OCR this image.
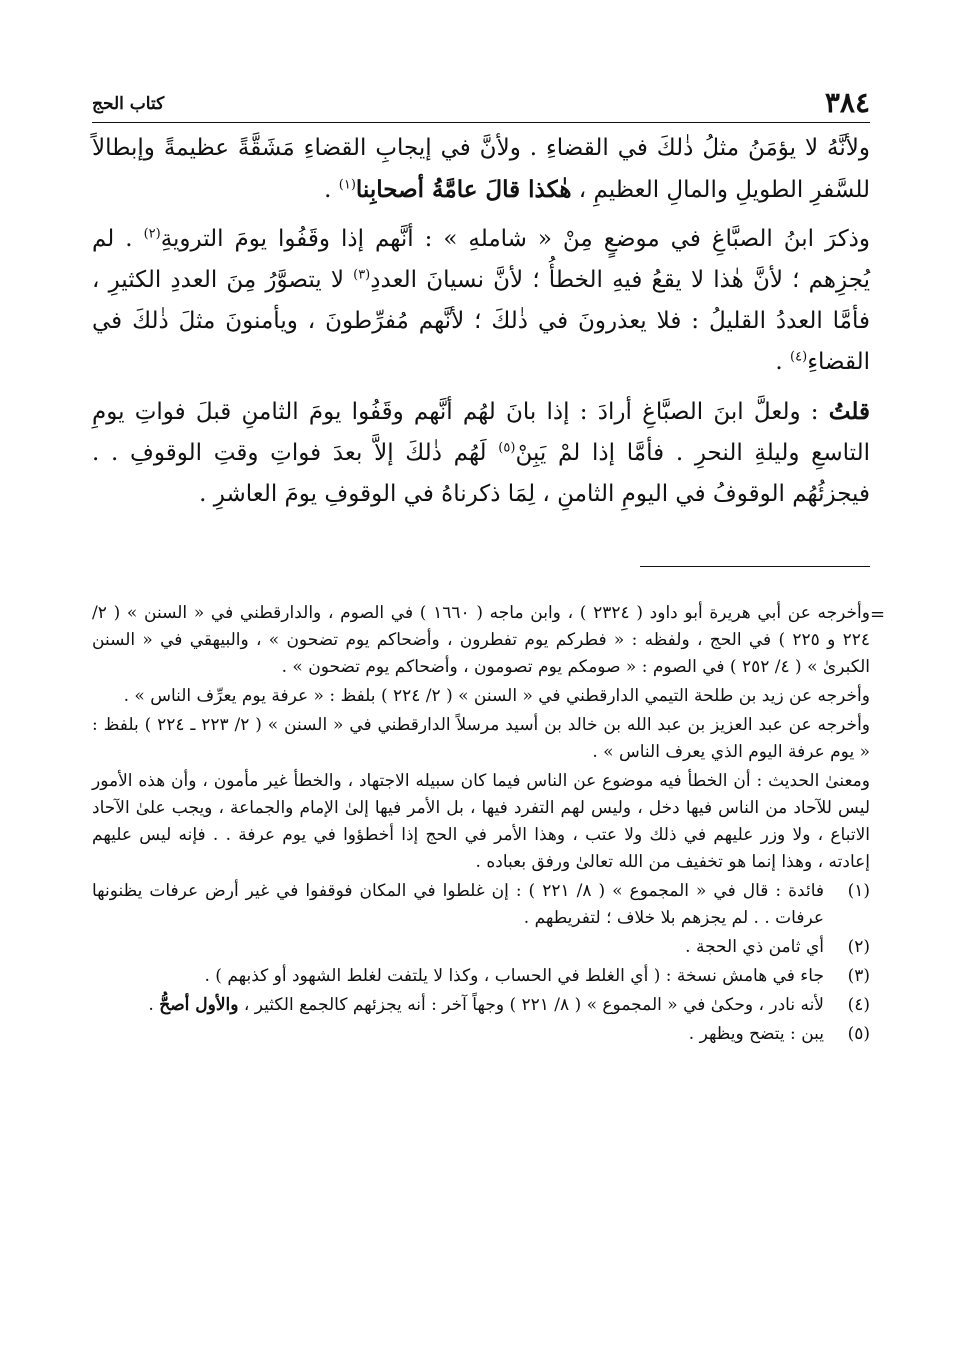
٣٨٤
كتاب الحج

ولأنَّهُ لا يؤمَنُ مثلُ ذٰلكَ في القضاءِ . ولأنَّ في إيجابِ القضاءِ مَشَقَّةً عظيمةً وإبطالاً للسَّفرِ الطويلِ والمالِ العظيمِ ، هٰكذا قالَ عامَّةُ أصحابِنا$^{(١)}$ .

وذكرَ ابنُ الصبَّاغِ في موضعٍ مِنْ « شاملهِ » : أنَّهم إذا وقَفُوا يومَ الترويةِ$^{(٢)}$ . لم يُجزِهم ؛ لأنَّ هٰذا لا يقعُ فيهِ الخطأُ ؛ لأنَّ نسيانَ العددِ$^{(٣)}$ لا يتصوَّرُ مِنَ العددِ الكثيرِ ، فأمَّا العددُ القليلُ : فلا يعذرونَ في ذٰلكَ ؛ لأنَّهم مُفرِّطونَ ، ويأمنونَ مثلَ ذٰلكَ في القضاءِ$^{(٤)}$ .

قلتُ : ولعلَّ ابنَ الصبَّاغِ أرادَ : إذا بانَ لهُم أنَّهم وقَفُوا يومَ الثامنِ قبلَ فواتِ يومِ التاسعِ وليلةِ النحرِ . فأمَّا إذا لمْ يَبِنْ$^{(٥)}$ لَهُم ذٰلكَ إلاَّ بعدَ فواتِ وقتِ الوقوفِ . . فيجزئُهُم الوقوفُ في اليومِ الثامنِ ، لِمَا ذكرناهُ في الوقوفِ يومَ العاشرِ .

=

وأخرجه عن أبي هريرة أبو داود ( ٢٣٢٤ ) ، وابن ماجه ( ١٦٦٠ ) في الصوم ، والدارقطني في « السنن » ( ٢/ ٢٢٤ و ٢٢٥ ) في الحج ، ولفظه : « فطركم يوم تفطرون ، وأضحاكم يوم تضحون » ، والبيهقي في « السنن الكبرىٰ » ( ٤/ ٢٥٢ ) في الصوم : « صومكم يوم تصومون ، وأضحاكم يوم تضحون » .

وأخرجه عن زيد بن طلحة التيمي الدارقطني في « السنن » ( ٢/ ٢٢٤ ) بلفظ : « عرفة يوم يعرِّف الناس » .

وأخرجه عن عبد العزيز بن عبد الله بن خالد بن أسيد مرسلاً الدارقطني في « السنن » ( ٢/ ٢٢٣ ـ ٢٢٤ ) بلفظ : « يوم عرفة اليوم الذي يعرف الناس » .

ومعنىٰ الحديث : أن الخطأ فيه موضوع عن الناس فيما كان سبيله الاجتهاد ، والخطأ غير مأمون ، وأن هذه الأمور ليس للآحاد من الناس فيها دخل ، وليس لهم التفرد فيها ، بل الأمر فيها إلىٰ الإمام والجماعة ، ويجب علىٰ الآحاد الاتباع ، ولا وزر عليهم في ذلك ولا عتب ، وهذا الأمر في الحج إذا أخطؤوا في يوم عرفة . . فإنه ليس عليهم إعادته ، وهذا إنما هو تخفيف من الله تعالىٰ ورفق بعباده .

(١)
فائدة : قال في « المجموع » ( ٨/ ٢٢١ ) : إن غلطوا في المكان فوقفوا في غير أرض عرفات يظنونها عرفات . . لم يجزهم بلا خلاف ؛ لتفريطهم .
(٢)
أي ثامن ذي الحجة .
(٣)
جاء في هامش نسخة : ( أي الغلط في الحساب ، وكذا لا يلتفت لغلط الشهود أو كذبهم ) .
(٤)
لأنه نادر ، وحكىٰ في « المجموع » ( ٨/ ٢٢١ ) وجهاً آخر : أنه يجزئهم كالجمع الكثير ، والأول أصحُّ .
(٥)
يبن : يتضح ويظهر .
